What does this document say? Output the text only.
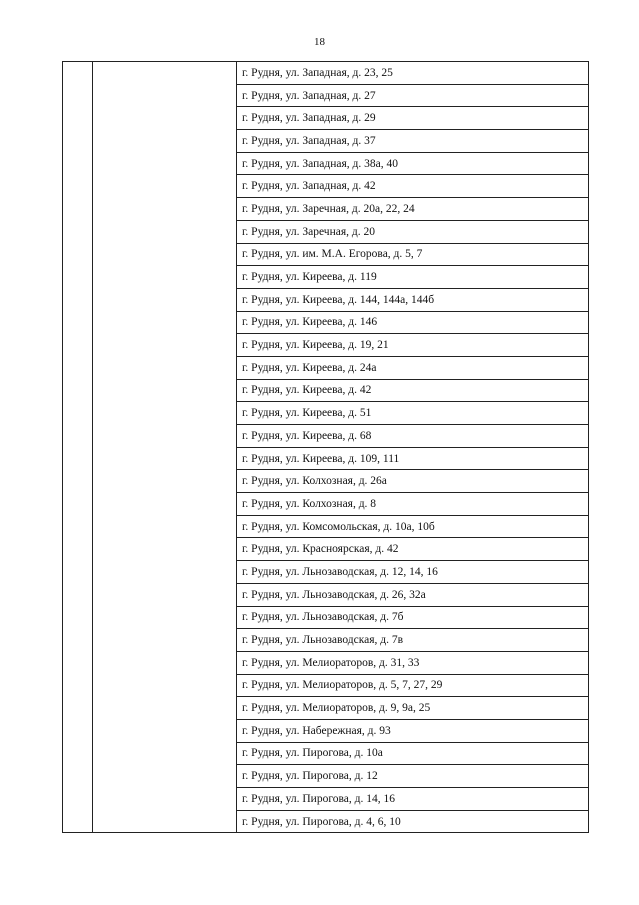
18
		г. Рудня, ул. Западная, д. 23, 25
		г. Рудня, ул. Западная, д. 27
		г. Рудня, ул. Западная, д. 29
		г. Рудня, ул. Западная, д. 37
		г. Рудня, ул. Западная, д. 38а, 40
		г. Рудня, ул. Западная, д. 42
		г. Рудня, ул. Заречная, д. 20а, 22, 24
		г. Рудня, ул. Заречная, д. 20
		г. Рудня, ул. им. М.А. Егорова, д. 5, 7
		г. Рудня, ул. Киреева, д. 119
		г. Рудня, ул. Киреева, д. 144, 144а, 144б
		г. Рудня, ул. Киреева, д. 146
		г. Рудня, ул. Киреева, д. 19, 21
		г. Рудня, ул. Киреева, д. 24а
		г. Рудня, ул. Киреева, д. 42
		г. Рудня, ул. Киреева, д. 51
		г. Рудня, ул. Киреева, д. 68
		г. Рудня, ул. Киреева, д. 109, 111
		г. Рудня, ул. Колхозная, д. 26а
		г. Рудня, ул. Колхозная, д. 8
		г. Рудня, ул. Комсомольская, д. 10а, 10б
		г. Рудня, ул. Красноярская, д. 42
		г. Рудня, ул. Льнозаводская, д. 12, 14, 16
		г. Рудня, ул. Льнозаводская, д. 26, 32а
		г. Рудня, ул. Льнозаводская, д. 7б
		г. Рудня, ул. Льнозаводская, д. 7в
		г. Рудня, ул. Мелиораторов, д. 31, 33
		г. Рудня, ул. Мелиораторов, д. 5, 7, 27, 29
		г. Рудня, ул. Мелиораторов, д. 9, 9а, 25
		г. Рудня, ул. Набережная, д. 93
		г. Рудня, ул. Пирогова, д. 10а
		г. Рудня, ул. Пирогова, д. 12
		г. Рудня, ул. Пирогова, д. 14, 16
		г. Рудня, ул. Пирогова, д. 4, 6, 10
